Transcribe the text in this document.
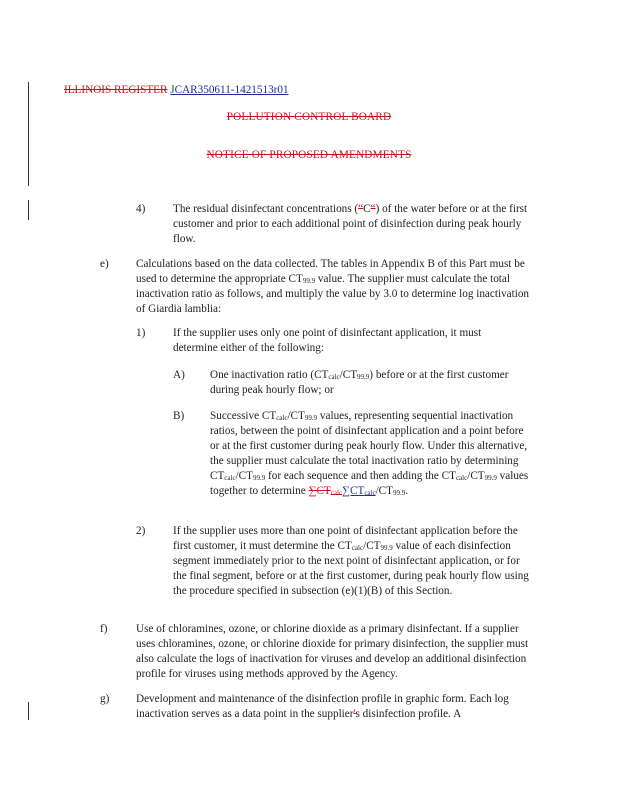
ILLINOIS REGISTER JCAR350611-1421513r01
POLLUTION CONTROL BOARD
NOTICE OF PROPOSED AMENDMENTS
4) The residual disinfectant concentrations (“C“) of the water before or at the first customer and prior to each additional point of disinfection during peak hourly flow.

e) Calculations based on the data collected. The tables in Appendix B of this Part must be used to determine the appropriate $CT_{99.9}$ value. The supplier must calculate the total inactivation ratio as follows, and multiply the value by 3.0 to determine log inactivation of Giardia lamblia:

1) If the supplier uses only one point of disinfectant application, it must determine either of the following:

A) One inactivation ratio $(CT_{calc}/CT_{99.9})$ before or at the first customer during peak hourly flow; or

B) Successive $CT_{calc}/CT_{99.9}$ values, representing sequential inactivation ratios, between the point of disinfectant application and a point before or at the first customer during peak hourly flow. Under this alternative, the supplier must calculate the total inactivation ratio by determining $CT_{calc}/CT_{99.9}$ for each sequence and then adding the $CT_{calc}/CT_{99.9}$ values together to determine $\sum CT_{calc}\sum CT_{calc}/CT_{99.9}$.

2) If the supplier uses more than one point of disinfectant application before the first customer, it must determine the $CT_{calc}/CT_{99.9}$ value of each disinfection segment immediately prior to the next point of disinfectant application, or for the final segment, before or at the first customer, during peak hourly flow using the procedure specified in subsection (e)(1)(B) of this Section.

f)	Use of chloramines, ozone, or chlorine dioxide as a primary disinfectant. If a supplier uses chloramines, ozone, or chlorine dioxide for primary disinfection, the supplier must also calculate the logs of inactivation for viruses and develop an additional disinfection profile for viruses using methods approved by the Agency.

g) Development and maintenance of the disinfection profile in graphic form. Each log inactivation serves as a data point in the supplier's disinfection profile. A
